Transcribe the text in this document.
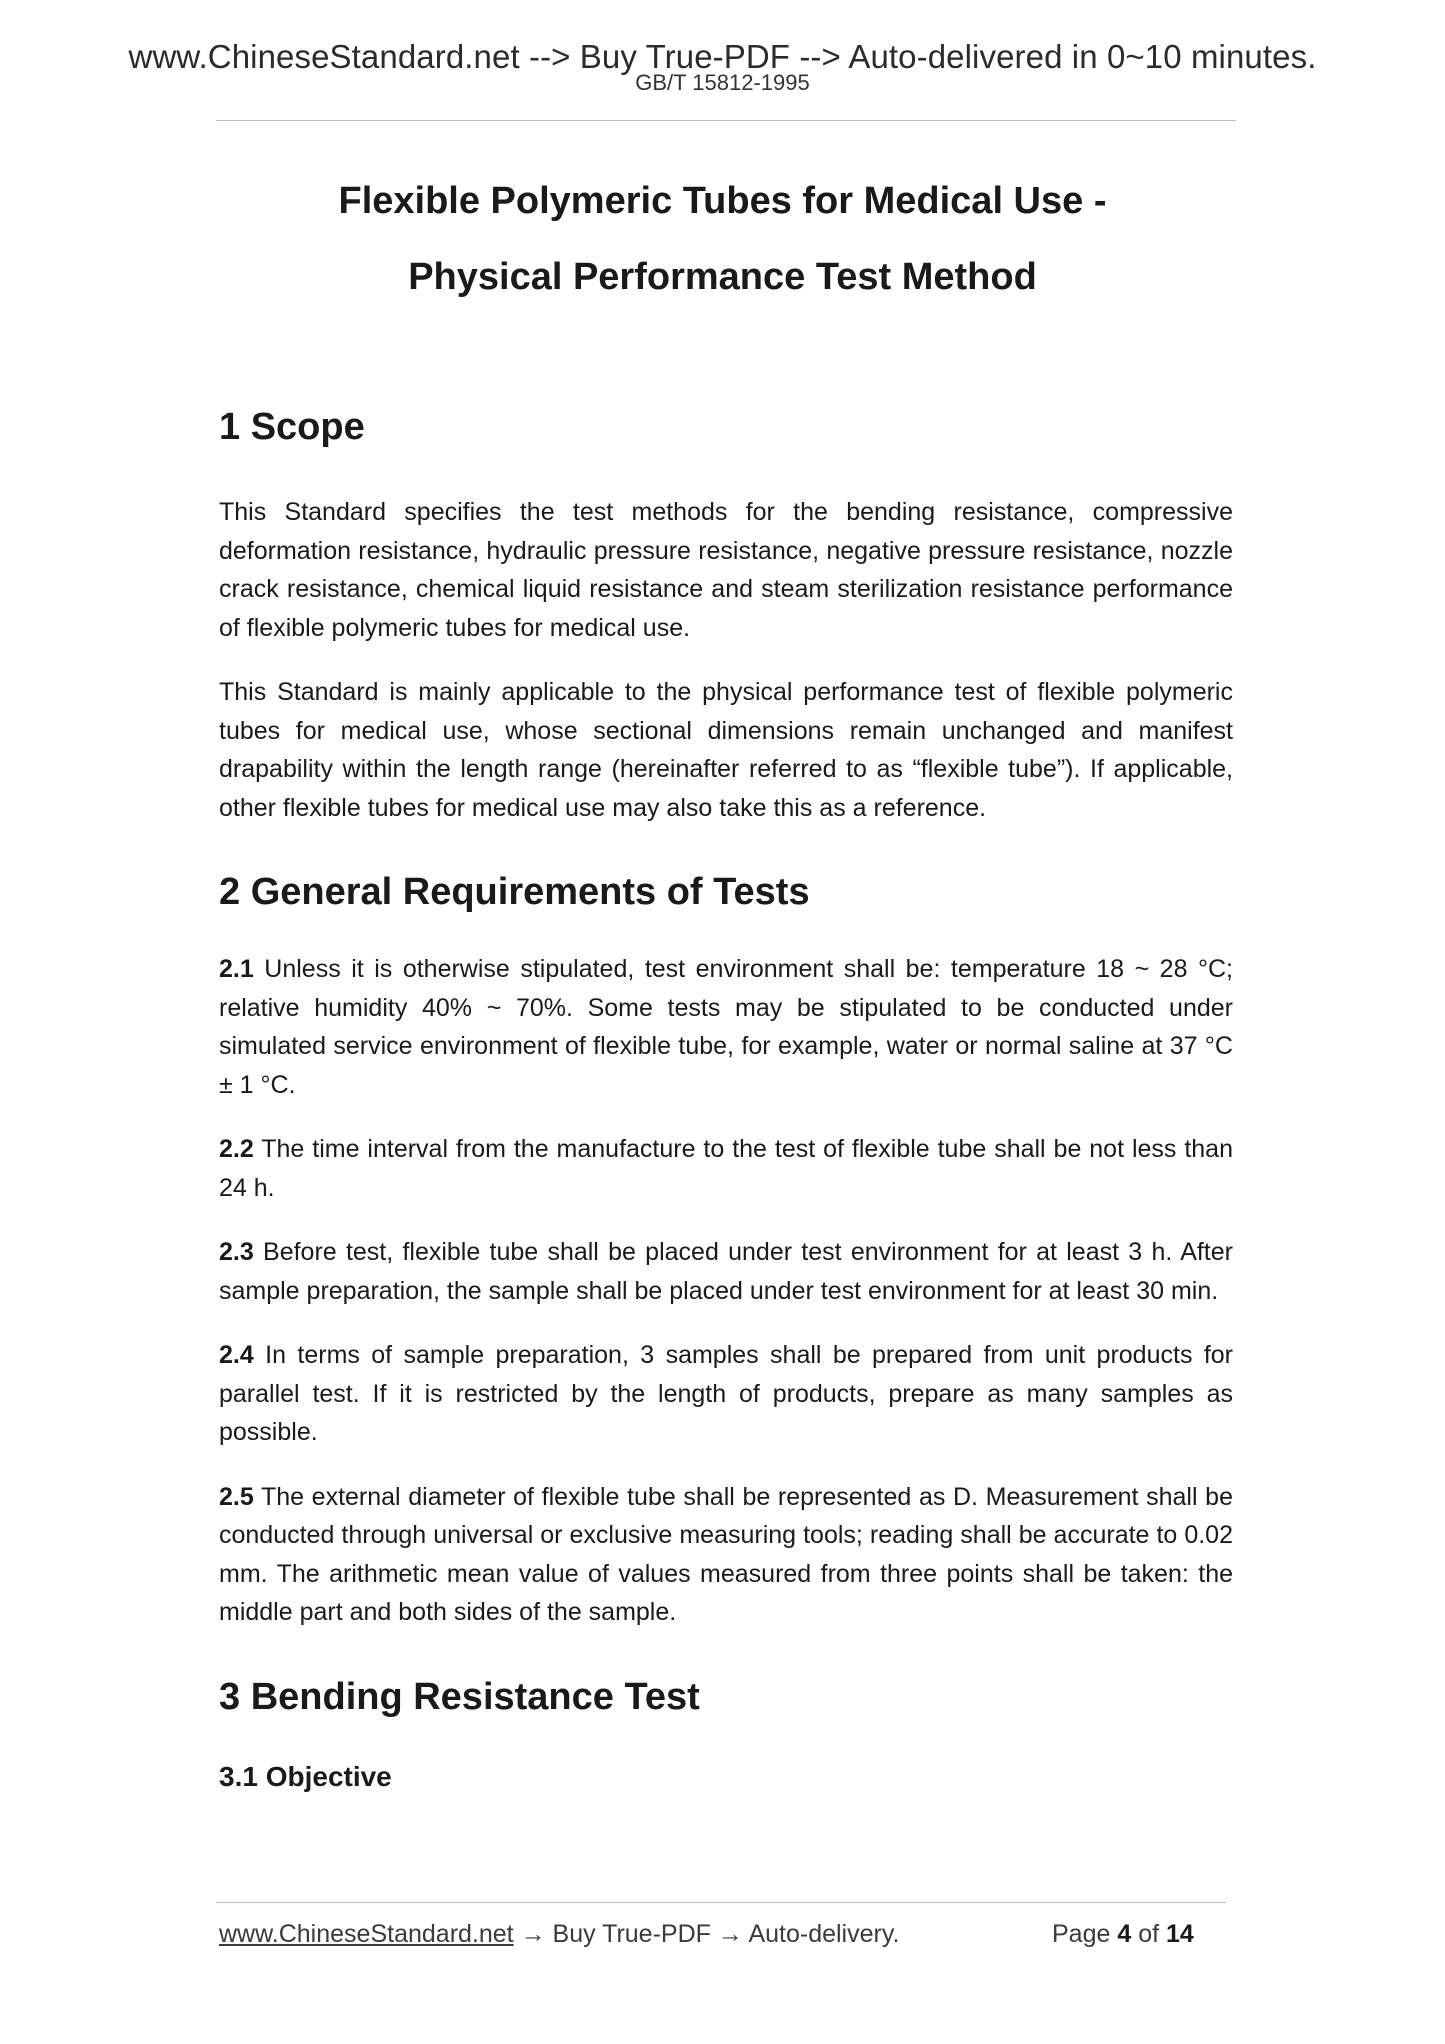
www.ChineseStandard.net --> Buy True-PDF --> Auto-delivered in 0~10 minutes.
GB/T 15812-1995
Flexible Polymeric Tubes for Medical Use -
Physical Performance Test Method
1 Scope

This Standard specifies the test methods for the bending resistance, compressive deformation resistance, hydraulic pressure resistance, negative pressure resistance, nozzle crack resistance, chemical liquid resistance and steam sterilization resistance performance of flexible polymeric tubes for medical use.

This Standard is mainly applicable to the physical performance test of flexible polymeric tubes for medical use, whose sectional dimensions remain unchanged and manifest drapability within the length range (hereinafter referred to as “flexible tube”). If applicable, other flexible tubes for medical use may also take this as a reference.

2 General Requirements of Tests

2.1 Unless it is otherwise stipulated, test environment shall be: temperature 18 ~ 28 °C; relative humidity 40% ~ 70%. Some tests may be stipulated to be conducted under simulated service environment of flexible tube, for example, water or normal saline at 37 °C ± 1 °C.

2.2 The time interval from the manufacture to the test of flexible tube shall be not less than 24 h.

2.3 Before test, flexible tube shall be placed under test environment for at least 3 h. After sample preparation, the sample shall be placed under test environment for at least 30 min.

2.4 In terms of sample preparation, 3 samples shall be prepared from unit products for parallel test. If it is restricted by the length of products, prepare as many samples as possible.

2.5 The external diameter of flexible tube shall be represented as D. Measurement shall be conducted through universal or exclusive measuring tools; reading shall be accurate to 0.02 mm. The arithmetic mean value of values measured from three points shall be taken: the middle part and both sides of the sample.

3 Bending Resistance Test
3.1 Objective
www.ChineseStandard.net → Buy True-PDF → Auto-delivery.	Page 4 of 14
